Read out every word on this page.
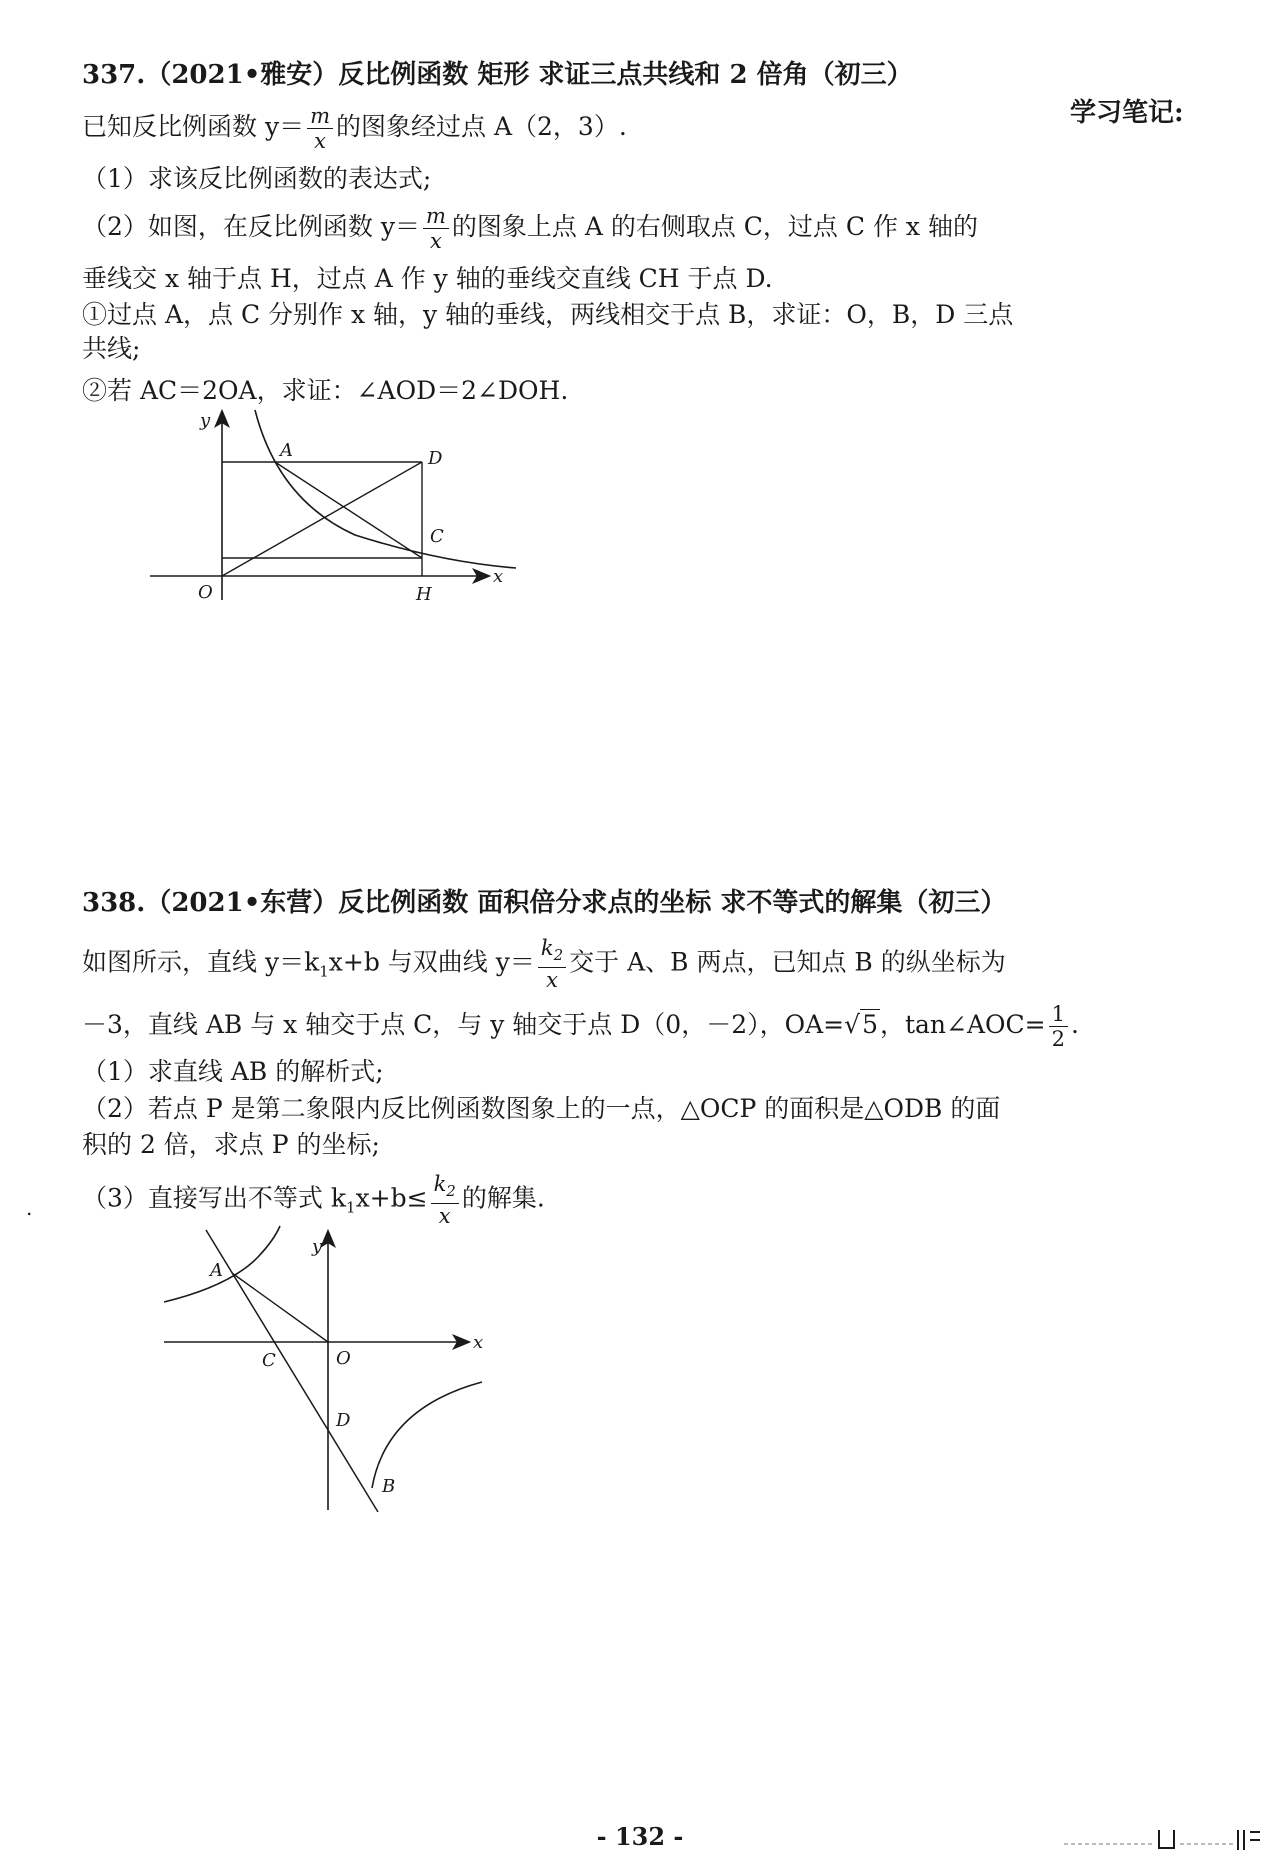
学习笔记:
337.（2021•雅安）反比例函数 矩形 求证三点共线和 2 倍角（初三）
已知反比例函数 $y= \frac{m}{x}$ 的图象经过点 A（2，3）.
（1）求该反比例函数的表达式;
（2）如图，在反比例函数 $y= \frac{m}{x}$ 的图象上点 A 的右侧取点 C，过点 C 作 x 轴的
垂线交 x 轴于点 H，过点 A 作 y 轴的垂线交直线 CH 于点 D.
①过点 A，点 C 分别作 x 轴，y 轴的垂线，两线相交于点 B，求证：O，B，D 三点
共线;
②若 AC＝2OA，求证：∠AOD＝2∠DOH.
y
x
O
A	D
C
H
338.（2021•东营）反比例函数 面积倍分求点的坐标 求不等式的解集（初三）
如图所示，直线 $y=k_1x+b$ 与双曲线 $y= \frac{k_2}{x}$ 交于 A、B 两点，已知点 B 的纵坐标为
－3，直线 AB 与 x 轴交于点 C，与 y 轴交于点 D（0，－2），OA=√5，tan∠AOC= $\frac{1}{2}$ .
（1）求直线 AB 的解析式;
（2）若点 P 是第二象限内反比例函数图象上的一点，△OCP 的面积是△ODB 的面
积的 2 倍，求点 P 的坐标;
（3）直接写出不等式 $k_1x+b\le \frac{k_2}{x}$ 的解集.
.
y
x
O
A
C
D
B
- 132 -
